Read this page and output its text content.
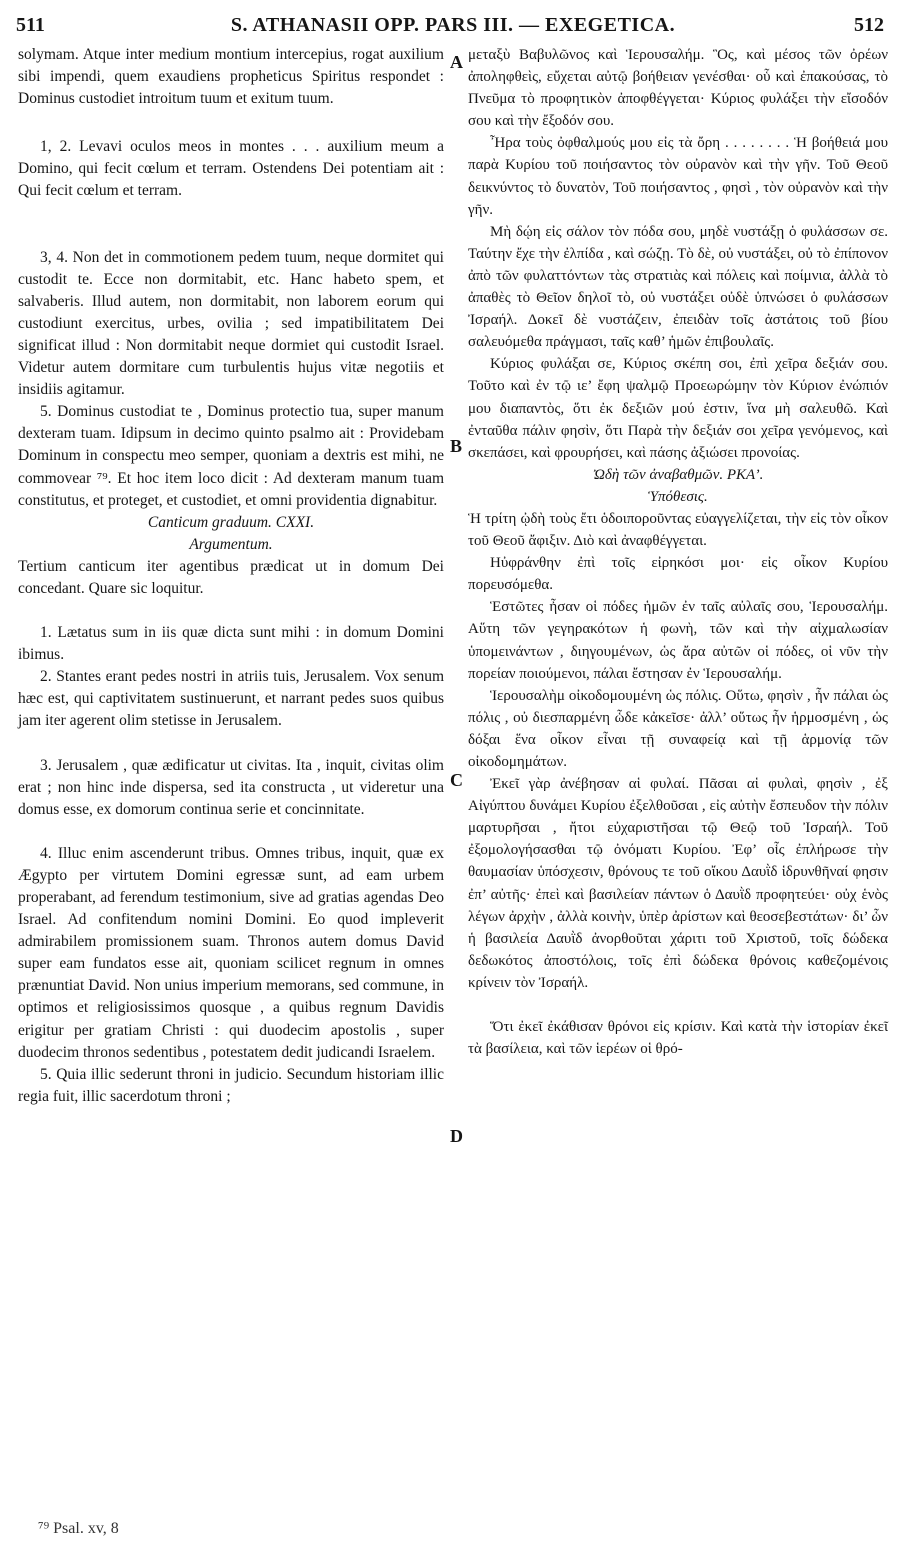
511	S. ATHANASII OPP. PARS III. — EXEGETICA.	512
A
B
C
D

solymam. Atque inter medium montium intercepius, rogat auxilium sibi impendi, quem exaudiens propheticus Spiritus respondet : Dominus custodiet introitum tuum et exitum tuum.

1, 2. Levavi oculos meos in montes . . . auxilium meum a Domino, qui fecit cœlum et terram. Ostendens Dei potentiam ait : Qui fecit cœlum et terram.

3, 4. Non det in commotionem pedem tuum, neque dormitet qui custodit te. Ecce non dormitabit, etc. Hanc habeto spem, et salvaberis. Illud autem, non dormitabit, non laborem eorum qui custodiunt exercitus, urbes, ovilia ; sed impatibilitatem Dei significat illud : Non dormitabit neque dormiet qui custodit Israel. Videtur autem dormitare cum turbulentis hujus vitæ negotiis et insidiis agitamur.

5. Dominus custodiat te , Dominus protectio tua, super manum dexteram tuam. Idipsum in decimo quinto psalmo ait : Providebam Dominum in conspectu meo semper, quoniam a dextris est mihi, ne commovear ⁷⁹. Et hoc item loco dicit : Ad dexteram manum tuam constitutus, et proteget, et custodiet, et omni providentia dignabitur.

Canticum graduum. CXXI.

Argumentum.

Tertium canticum iter agentibus prædicat ut in domum Dei concedant. Quare sic loquitur.

1. Lætatus sum in iis quæ dicta sunt mihi : in domum Domini ibimus.

2. Stantes erant pedes nostri in atriis tuis, Jerusalem. Vox senum hæc est, qui captivitatem sustinuerunt, et narrant pedes suos quibus jam iter agerent olim stetisse in Jerusalem.

3. Jerusalem , quæ ædificatur ut civitas. Ita , inquit, civitas olim erat ; non hinc inde dispersa, sed ita constructa , ut videretur una domus esse, ex domorum continua serie et concinnitate.

4. Illuc enim ascenderunt tribus. Omnes tribus, inquit, quæ ex Ægypto per virtutem Domini egressæ sunt, ad eam urbem properabant, ad ferendum testimonium, sive ad gratias agendas Deo Israel. Ad confitendum nomini Domini. Eo quod impleverit admirabilem promissionem suam. Thronos autem domus David super eam fundatos esse ait, quoniam scilicet regnum in omnes prænuntiat David. Non unius imperium memorans, sed commune, in optimos et religiosissimos quosque , a quibus regnum Davidis erigitur per gratiam Christi : qui duodecim apostolis , super duodecim thronos sedentibus , potestatem dedit judicandi Israelem.

5. Quia illic sederunt throni in judicio. Secundum historiam illic regia fuit, illic sacerdotum throni ;

μεταξὺ Βαβυλῶνος καὶ Ἱερουσαλήμ. Ὃς, καὶ μέσος τῶν ὀρέων ἀποληφθεὶς, εὔχεται αὐτῷ βοήθειαν γενέσθαι· οὗ καὶ ἐπακούσας, τὸ Πνεῦμα τὸ προφητικὸν ἀποφθέγγεται· Κύριος φυλάξει τὴν εἴσοδόν σου καὶ τὴν ἔξοδόν σου.

Ἦρα τοὺς ὀφθαλμούς μου εἰς τὰ ὄρη . . . . . . . . Ἡ βοήθειά μου παρὰ Κυρίου τοῦ ποιήσαντος τὸν οὐρανὸν καὶ τὴν γῆν. Τοῦ Θεοῦ δεικνύντος τὸ δυνατὸν, Τοῦ ποιήσαντος , φησὶ , τὸν οὐρανὸν καὶ τὴν γῆν.

Μὴ δῴη εἰς σάλον τὸν πόδα σου, μηδὲ νυστάξῃ ὁ φυλάσσων σε. Ταύτην ἔχε τὴν ἐλπίδα , καὶ σώζῃ. Τὸ δὲ, οὐ νυστάξει, οὐ τὸ ἐπίπονον ἀπὸ τῶν φυλαττόντων τὰς στρατιὰς καὶ πόλεις καὶ ποίμνια, ἀλλὰ τὸ ἀπαθὲς τὸ Θεῖον δηλοῖ τὸ, οὐ νυστάξει οὐδὲ ὑπνώσει ὁ φυλάσσων Ἰσραήλ. Δοκεῖ δὲ νυστάζειν, ἐπειδὰν τοῖς ἀστάτοις τοῦ βίου σαλευόμεθα πράγμασι, ταῖς καθ’ ἡμῶν ἐπιβουλαῖς.

Κύριος φυλάξαι σε, Κύριος σκέπη σοι, ἐπὶ χεῖρα δεξιάν σου. Τοῦτο καὶ ἐν τῷ ιε’ ἔφη ψαλμῷ Προεωρώμην τὸν Κύριον ἐνώπιόν μου διαπαντὸς, ὅτι ἐκ δεξιῶν μού ἐστιν, ἵνα μὴ σαλευθῶ. Καὶ ἐνταῦθα πάλιν φησὶν, ὅτι Παρὰ τὴν δεξιάν σοι χεῖρα γενόμενος, καὶ σκεπάσει, καὶ φρουρήσει, καὶ πάσης ἀξιώσει προνοίας.

Ὠδὴ τῶν ἀναβαθμῶν. ΡΚΑ’.

Ὑπόθεσις.

Ἡ τρίτη ᾠδὴ τοὺς ἔτι ὁδοιποροῦντας εὐαγγελίζεται, τὴν εἰς τὸν οἶκον τοῦ Θεοῦ ἄφιξιν. Διὸ καὶ ἀναφθέγγεται.

Ηὐφράνθην ἐπὶ τοῖς εἰρηκόσι μοι· εἰς οἶκον Κυρίου πορευσόμεθα.

Ἑστῶτες ἦσαν οἱ πόδες ἡμῶν ἐν ταῖς αὐλαῖς σου, Ἱερουσαλήμ. Αὕτη τῶν γεγηρακότων ἡ φωνὴ, τῶν καὶ τὴν αἰχμαλωσίαν ὑπομεινάντων , διηγουμένων, ὡς ἄρα αὐτῶν οἱ πόδες, οἱ νῦν τὴν πορείαν ποιούμενοι, πάλαι ἔστησαν ἐν Ἱερουσαλήμ.

Ἱερουσαλὴμ οἰκοδομουμένη ὡς πόλις. Οὕτω, φησὶν , ἦν πάλαι ὡς πόλις , οὐ διεσπαρμένη ὧδε κἀκεῖσε· ἀλλ’ οὕτως ἦν ἡρμοσμένη , ὡς δόξαι ἕνα οἶκον εἶναι τῇ συναφείᾳ καὶ τῇ ἁρμονίᾳ τῶν οἰκοδομημάτων.

Ἐκεῖ γὰρ ἀνέβησαν αἱ φυλαί. Πᾶσαι αἱ φυλαὶ, φησὶν , ἐξ Αἰγύπτου δυνάμει Κυρίου ἐξελθοῦσαι , εἰς αὐτὴν ἔσπευδον τὴν πόλιν μαρτυρῆσαι , ἤτοι εὐχαριστῆσαι τῷ Θεῷ τοῦ Ἰσραήλ. Τοῦ ἐξομολογήσασθαι τῷ ὀνόματι Κυρίου. Ἐφ’ οἷς ἐπλήρωσε τὴν θαυμασίαν ὑπόσχεσιν, θρόνους τε τοῦ οἴκου Δαυῒδ ἱδρυνθῆναί φησιν ἐπ’ αὐτῆς· ἐπεὶ καὶ βασιλείαν πάντων ὁ Δαυῒδ προφητεύει· οὐχ ἑνὸς λέγων ἀρχὴν , ἀλλὰ κοινὴν, ὑπὲρ ἀρίστων καὶ θεοσεβεστάτων· δι’ ὧν ἡ βασιλεία Δαυῒδ ἀνορθοῦται χάριτι τοῦ Χριστοῦ, τοῖς δώδεκα δεδωκότος ἀποστόλοις, τοῖς ἐπὶ δώδεκα θρόνοις καθεζομένοις κρίνειν τὸν Ἰσραήλ.

Ὅτι ἐκεῖ ἐκάθισαν θρόνοι εἰς κρίσιν. Καὶ κατὰ τὴν ἱστορίαν ἐκεῖ τὰ βασίλεια, καὶ τῶν ἱερέων οἱ θρό-

⁷⁹ Psal. xv, 8
